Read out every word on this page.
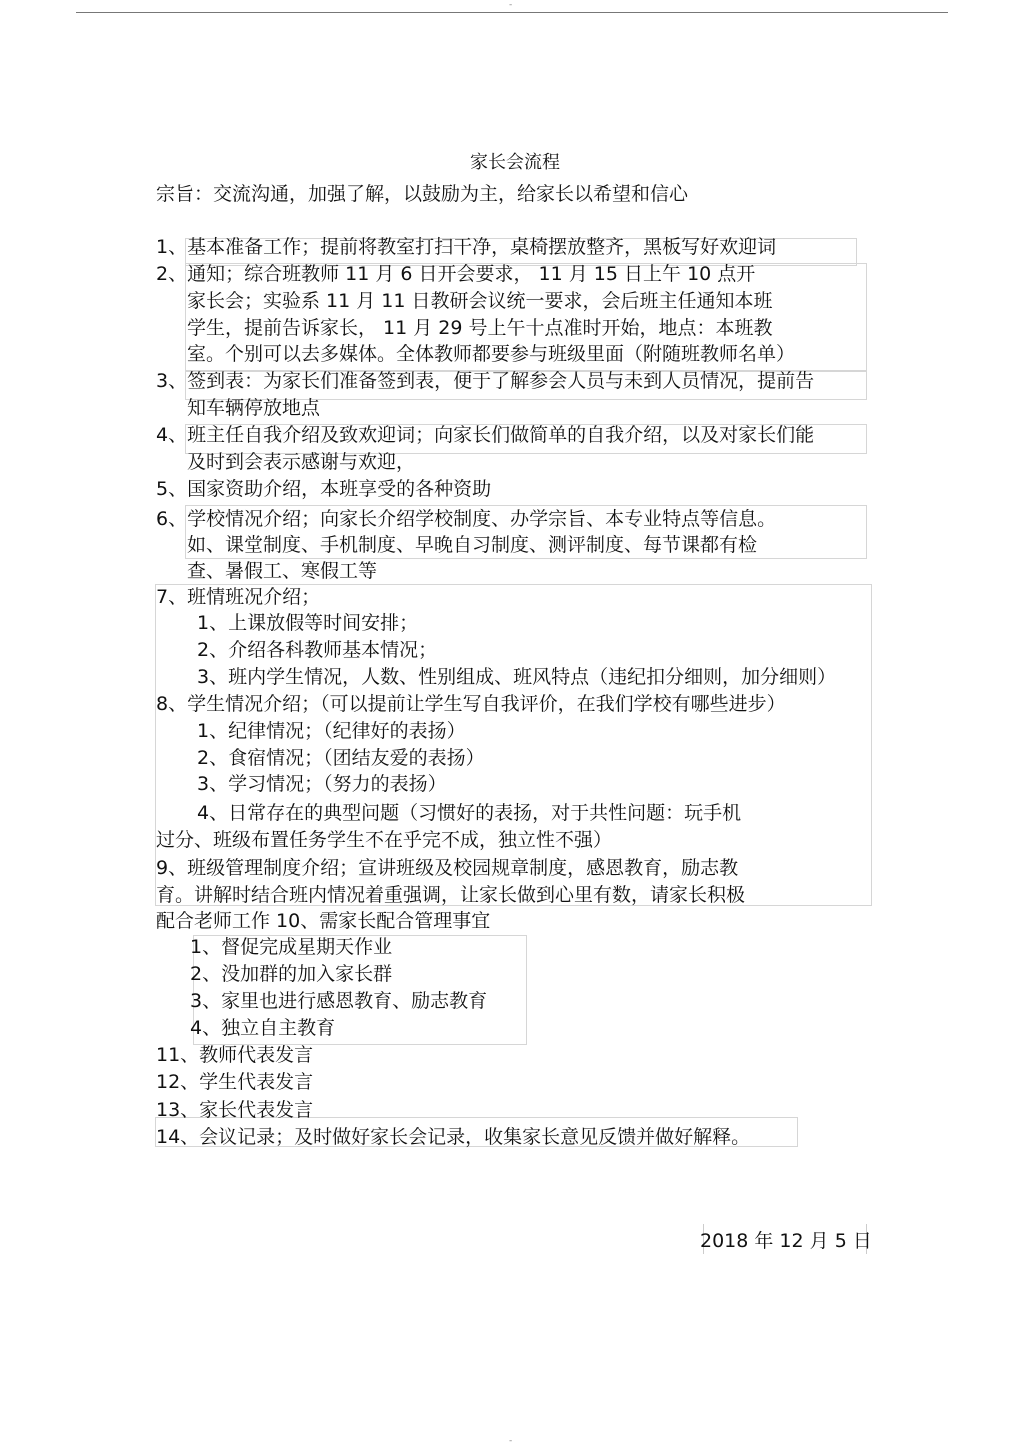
-
家长会流程
宗旨：交流沟通，加强了解，以鼓励为主，给家长以希望和信心
1、基本准备工作；提前将教室打扫干净，桌椅摆放整齐，黑板写好欢迎词
2、通知；综合班教师 11 月 6 日开会要求， 11 月 15 日上午 10 点开
家长会；实验系 11 月 11 日教研会议统一要求，会后班主任通知本班
学生，提前告诉家长， 11 月 29 号上午十点准时开始，地点：本班教
室。个别可以去多媒体。全体教师都要参与班级里面（附随班教师名单）
3、签到表：为家长们准备签到表，便于了解参会人员与未到人员情况，提前告
知车辆停放地点
4、班主任自我介绍及致欢迎词；向家长们做简单的自我介绍，以及对家长们能
及时到会表示感谢与欢迎，
5、国家资助介绍，本班享受的各种资助
6、学校情况介绍；向家长介绍学校制度、办学宗旨、本专业特点等信息。
如、课堂制度、手机制度、早晚自习制度、测评制度、每节课都有检
查、暑假工、寒假工等
7、班情班况介绍；
1、上课放假等时间安排；
2、介绍各科教师基本情况；
3、班内学生情况，人数、性别组成、班风特点（违纪扣分细则，加分细则）
8、学生情况介绍；（可以提前让学生写自我评价，在我们学校有哪些进步）
1、纪律情况；（纪律好的表扬）
2、食宿情况；（团结友爱的表扬）
3、学习情况；（努力的表扬）
4、日常存在的典型问题（习惯好的表扬，对于共性问题：玩手机
过分、班级布置任务学生不在乎完不成，独立性不强）
9、班级管理制度介绍；宣讲班级及校园规章制度，感恩教育，励志教
育。讲解时结合班内情况着重强调，让家长做到心里有数，请家长积极
配合老师工作 10、需家长配合管理事宜
1、督促完成星期天作业
2、没加群的加入家长群
3、家里也进行感恩教育、励志教育
4、独立自主教育
11、教师代表发言
12、学生代表发言
13、家长代表发言
14、会议记录；及时做好家长会记录，收集家长意见反馈并做好解释。
2018 年 12 月 5 日
-
